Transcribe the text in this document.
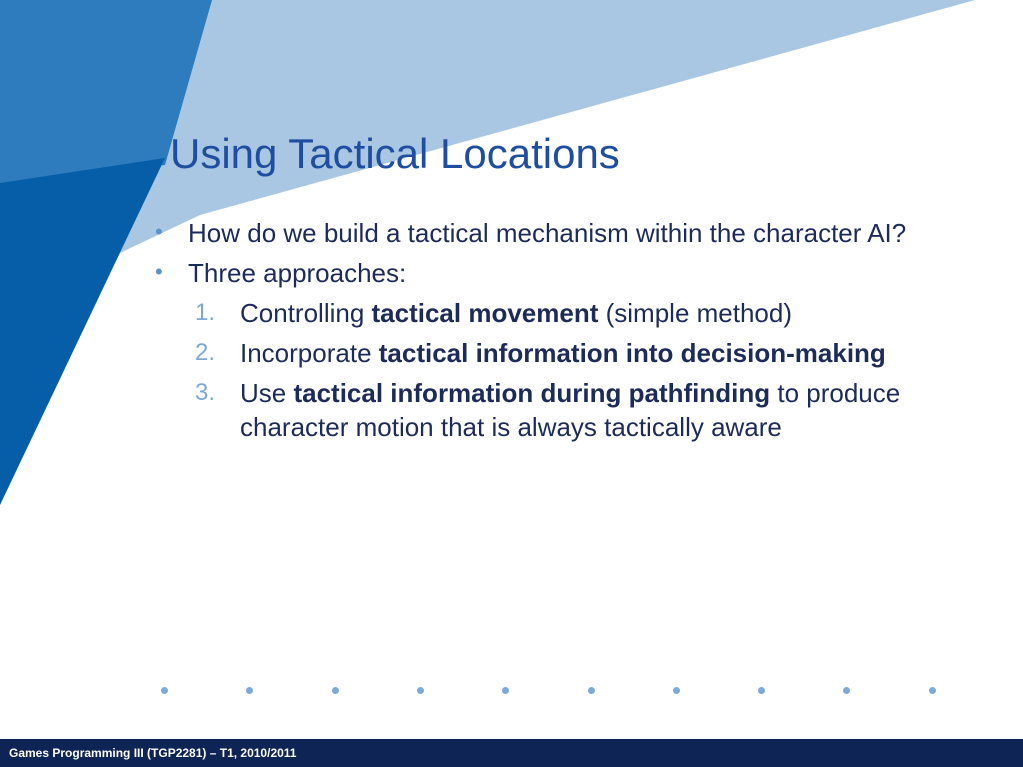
Using Tactical Locations
• How do we build a tactical mechanism within the character AI?
• Three approaches:
1. Controlling tactical movement (simple method)
2. Incorporate tactical information into decision-making
3. Use tactical information during pathfinding to produce character motion that is always tactically aware
Games Programming III (TGP2281) – T1, 2010/2011
